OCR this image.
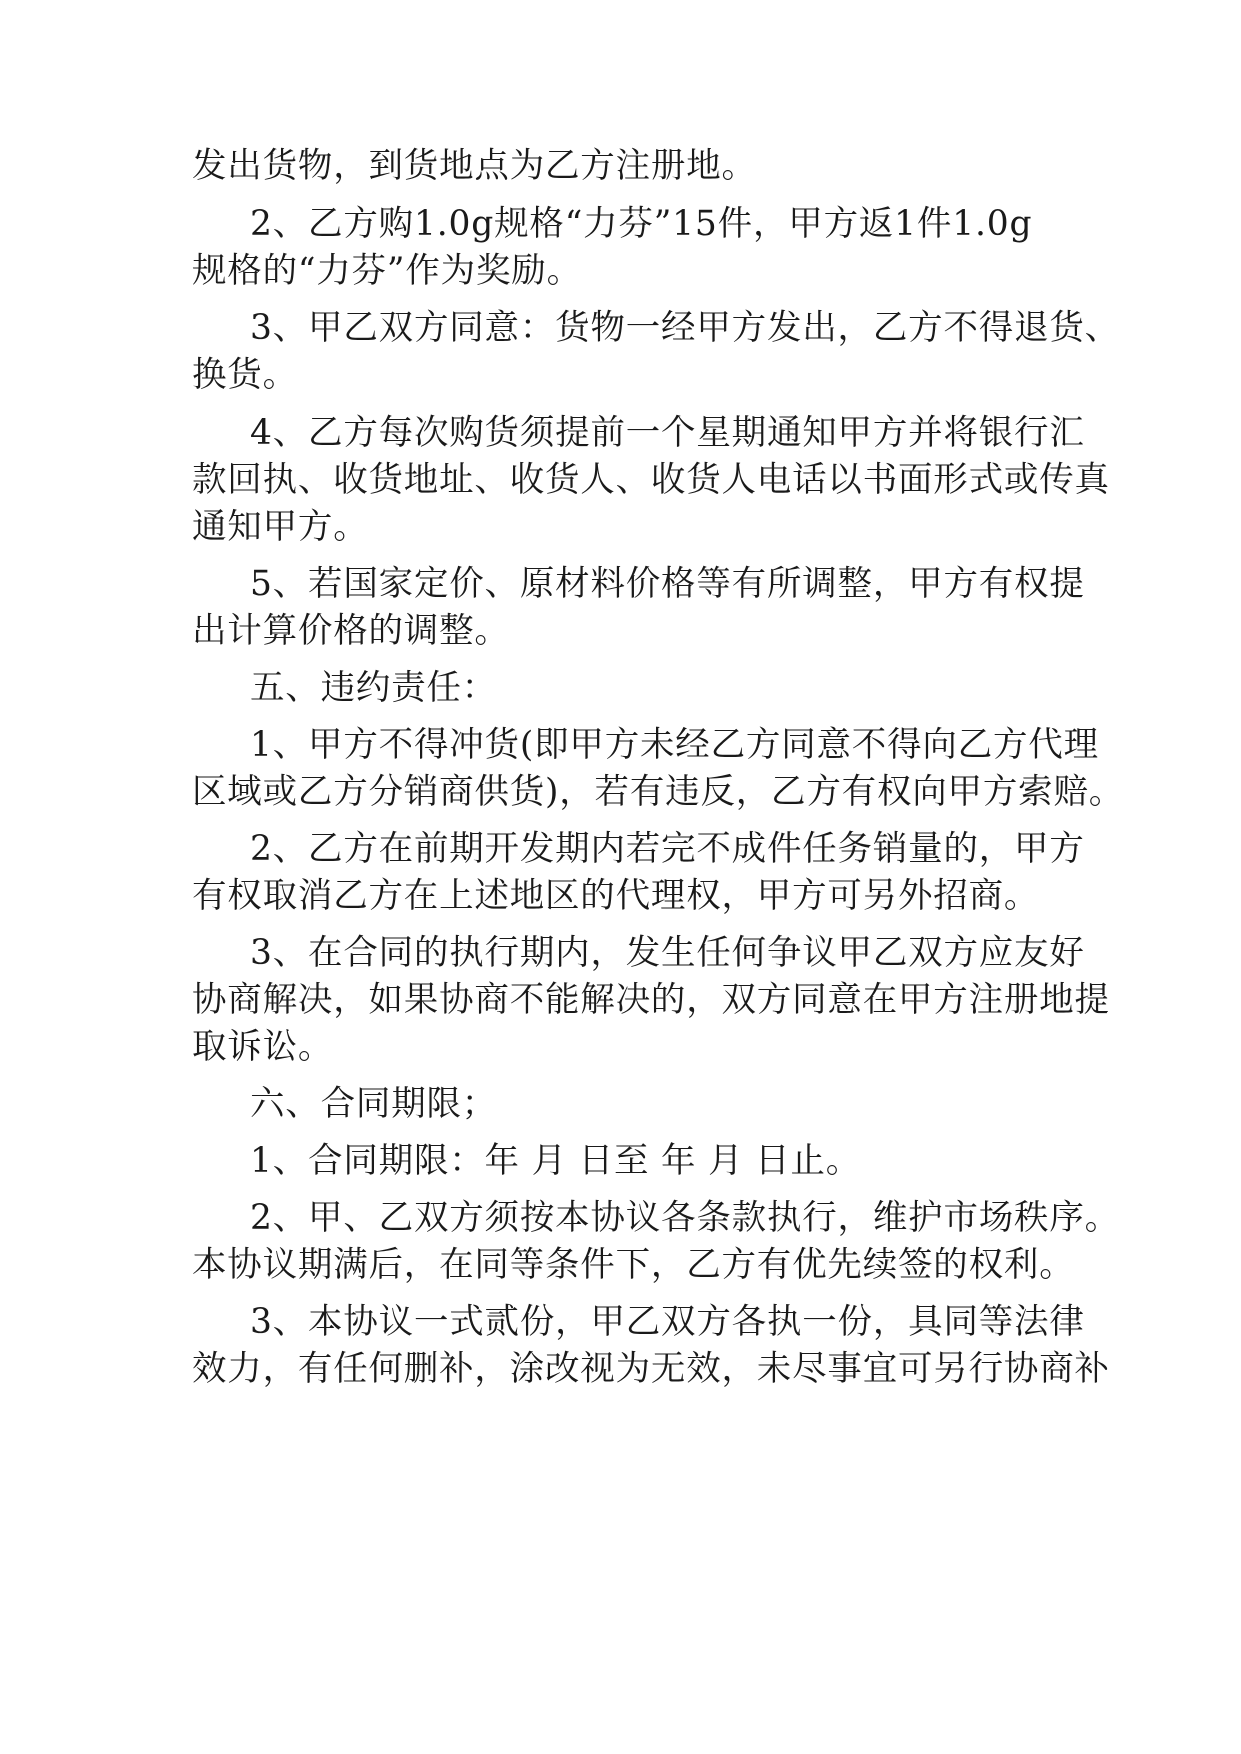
发出货物，到货地点为乙方注册地。
2、乙方购1.0g规格“力芬”15件，甲方返1件1.0g
规格的“力芬”作为奖励。
3、甲乙双方同意：货物一经甲方发出，乙方不得退货、
换货。
4、乙方每次购货须提前一个星期通知甲方并将银行汇
款回执、收货地址、收货人、收货人电话以书面形式或传真
通知甲方。
5、若国家定价、原材料价格等有所调整，甲方有权提
出计算价格的调整。
五、违约责任：
1、甲方不得冲货(即甲方未经乙方同意不得向乙方代理
区域或乙方分销商供货)，若有违反，乙方有权向甲方索赔。
2、乙方在前期开发期内若完不成件任务销量的，甲方
有权取消乙方在上述地区的代理权，甲方可另外招商。
3、在合同的执行期内，发生任何争议甲乙双方应友好
协商解决，如果协商不能解决的，双方同意在甲方注册地提
取诉讼。
六、合同期限；
1、合同期限：年 月 日至 年 月 日止。
2、甲、乙双方须按本协议各条款执行，维护市场秩序。
本协议期满后，在同等条件下，乙方有优先续签的权利。
3、本协议一式贰份，甲乙双方各执一份，具同等法律
效力，有任何删补，涂改视为无效，未尽事宜可另行协商补
